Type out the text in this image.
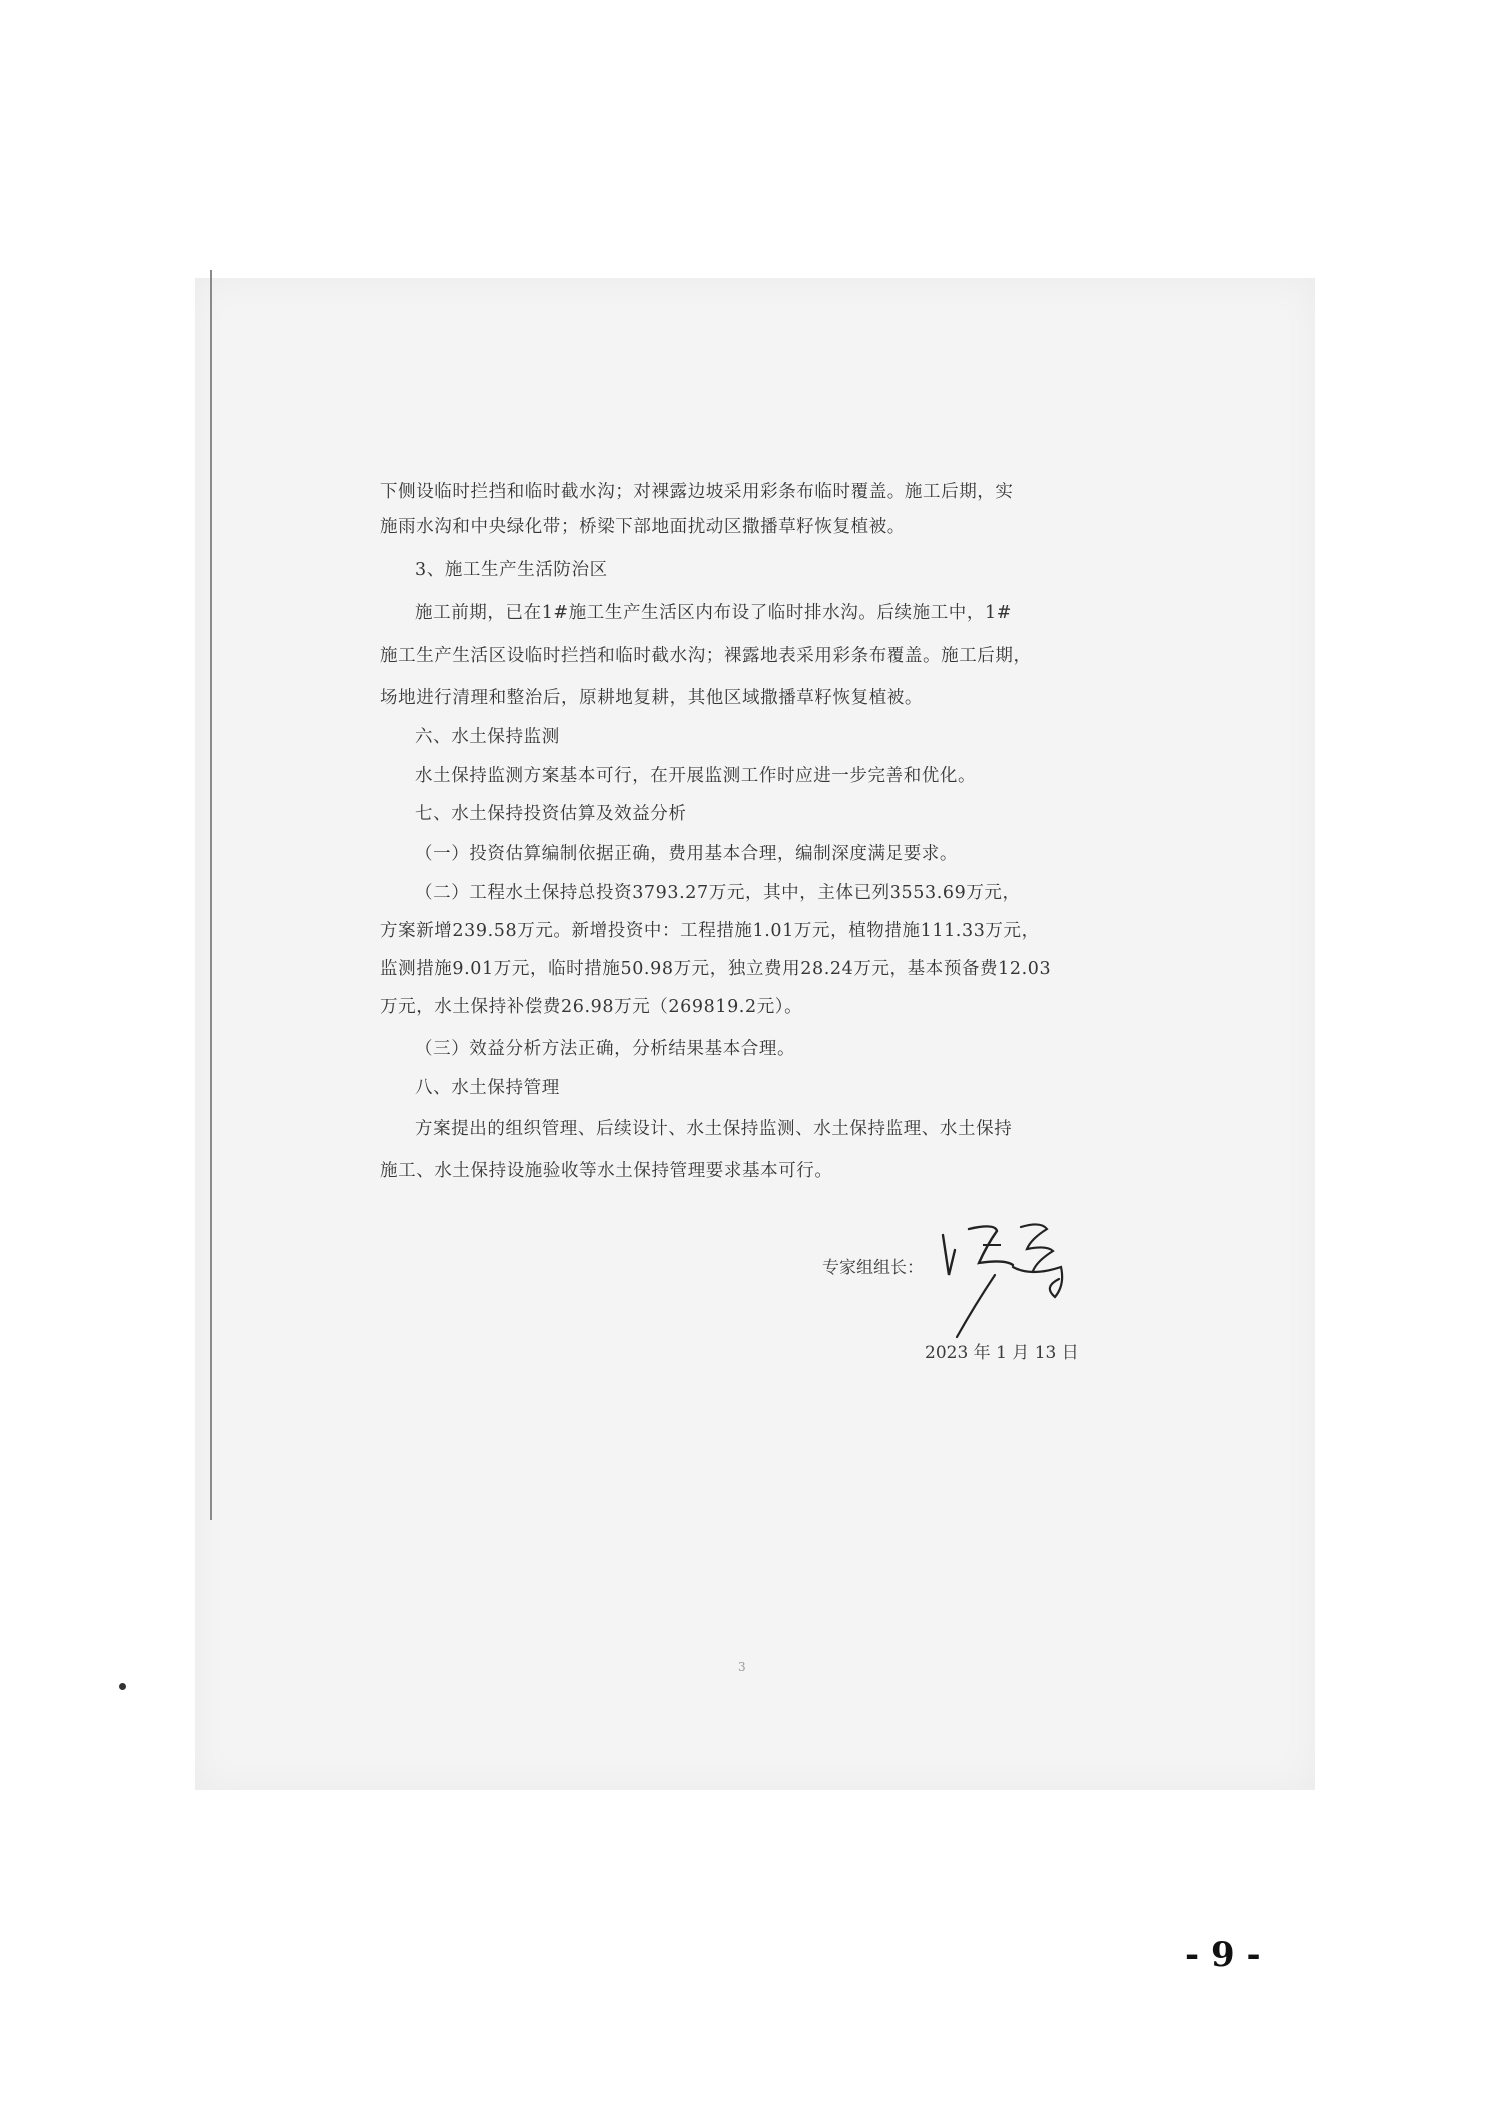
下侧设临时拦挡和临时截水沟；对裸露边坡采用彩条布临时覆盖。施工后期，实
施雨水沟和中央绿化带；桥梁下部地面扰动区撒播草籽恢复植被。
3、施工生产生活防治区
施工前期，已在1#施工生产生活区内布设了临时排水沟。后续施工中，1#
施工生产生活区设临时拦挡和临时截水沟；裸露地表采用彩条布覆盖。施工后期，
场地进行清理和整治后，原耕地复耕，其他区域撒播草籽恢复植被。
六、水土保持监测
水土保持监测方案基本可行，在开展监测工作时应进一步完善和优化。
七、水土保持投资估算及效益分析
（一）投资估算编制依据正确，费用基本合理，编制深度满足要求。
（二）工程水土保持总投资3793.27万元，其中，主体已列3553.69万元，
方案新增239.58万元。新增投资中：工程措施1.01万元，植物措施111.33万元，
监测措施9.01万元，临时措施50.98万元，独立费用28.24万元，基本预备费12.03
万元，水土保持补偿费26.98万元（269819.2元）。
（三）效益分析方法正确，分析结果基本合理。
八、水土保持管理
方案提出的组织管理、后续设计、水土保持监测、水土保持监理、水土保持
施工、水土保持设施验收等水土保持管理要求基本可行。
专家组组长：
2023 年 1 月 13 日
3
- 9 -
